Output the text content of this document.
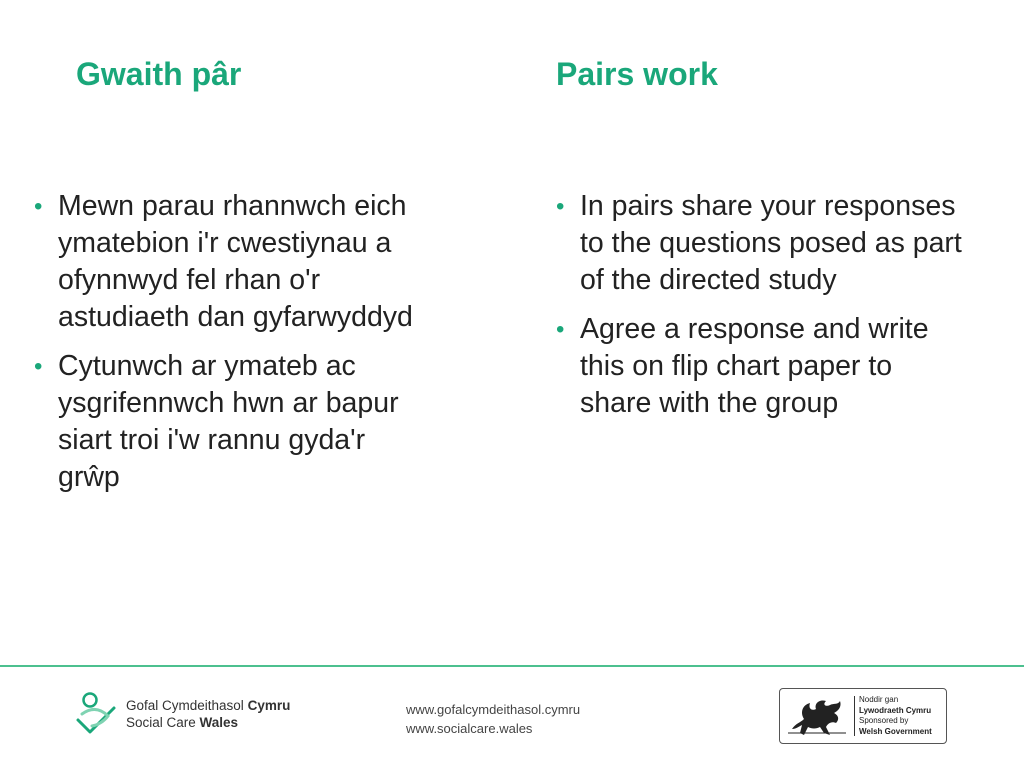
Gwaith pâr	Pairs work
• Mewn parau rhannwch eich ymatebion i'r cwestiynau a ofynnwyd fel rhan o'r astudiaeth dan gyfarwyddyd
• Cytunwch ar ymateb ac ysgrifennwch hwn ar bapur siart troi i'w rannu gyda'r grŵp
• In pairs share your responses to the questions posed as part of the directed study
• Agree a response and write this on flip chart paper to share with the group
Gofal Cymdeithasol Cymru
Social Care Wales
www.gofalcymdeithasol.cymru
www.socialcare.wales
Noddir gan
Lywodraeth Cymru
Sponsored by
Welsh Government
